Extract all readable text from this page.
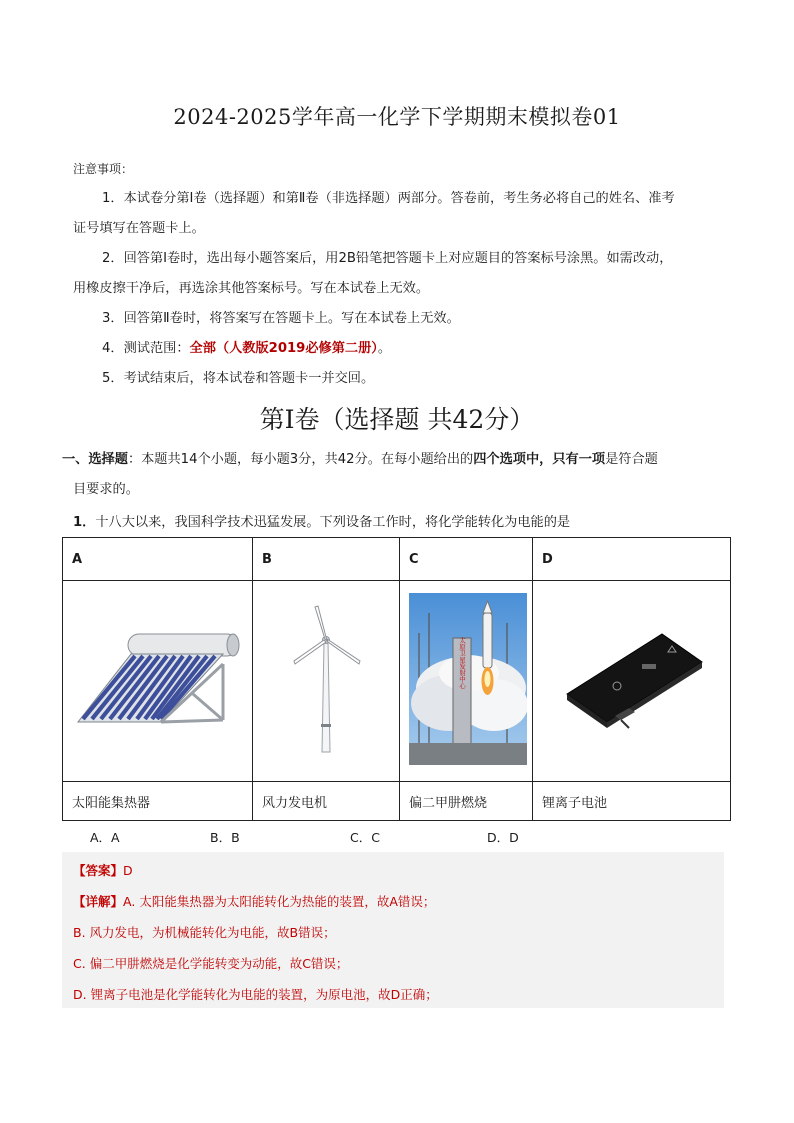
2024-2025学年高一化学下学期期末模拟卷01
注意事项：
1．本试卷分第Ⅰ卷（选择题）和第Ⅱ卷（非选择题）两部分。答卷前，考生务必将自己的姓名、准考
证号填写在答题卡上。
2．回答第Ⅰ卷时，选出每小题答案后，用2B铅笔把答题卡上对应题目的答案标号涂黑。如需改动，
用橡皮擦干净后，再选涂其他答案标号。写在本试卷上无效。
3．回答第Ⅱ卷时，将答案写在答题卡上。写在本试卷上无效。
4．测试范围：全部（人教版2019必修第二册）。
5．考试结束后，将本试卷和答题卡一并交回。
第Ⅰ卷（选择题 共42分）
一、选择题：本题共14个小题，每小题3分，共42分。在每小题给出的四个选项中，只有一项是符合题
目要求的。
1．十八大以来，我国科学技术迅猛发展。下列设备工作时，将化学能转化为电能的是
A	B	C	D

太原卫星发射中心

太阳能集热器	风力发电机	偏二甲肼燃烧	锂离子电池
A．A	B．B	C．C	D．D
【答案】D
【详解】A. 太阳能集热器为太阳能转化为热能的装置，故A错误；
B. 风力发电，为机械能转化为电能，故B错误；
C. 偏二甲肼燃烧是化学能转变为动能，故C错误；
D. 锂离子电池是化学能转化为电能的装置，为原电池，故D正确；
